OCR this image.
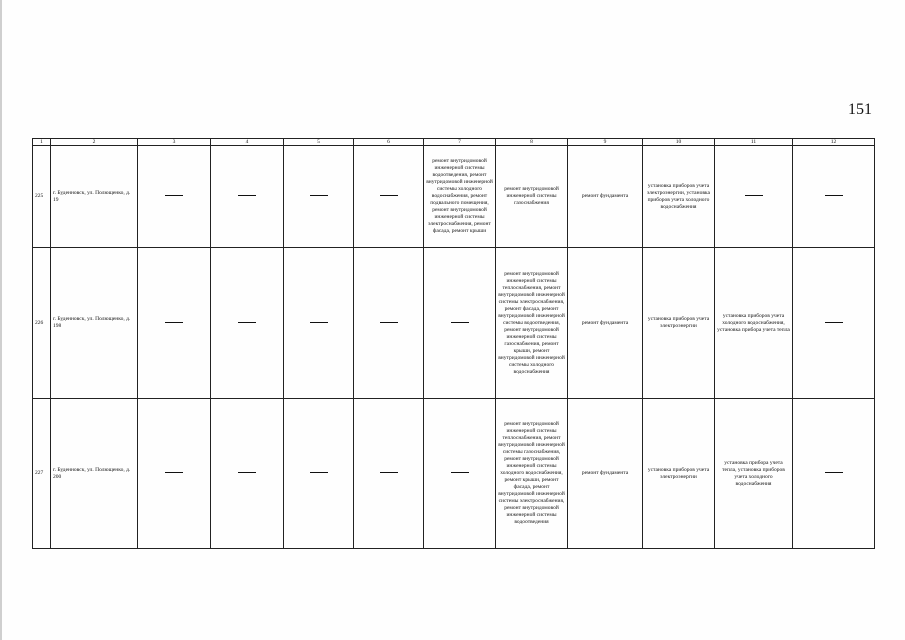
151
1	2	3	4	5	6	7	8	9	10	11	12
225	г. Буденновск, ул. Полющенко, д. 19					ремонт внутридомовой инженерной системы водоотведения, ремонт внутридомовой инженерной системы холодного водоснабжения, ремонт подвального помещения, ремонт внутридомовой инженерной системы электроснабжения, ремонт фасада, ремонт крыши	ремонт внутридомовой инженерной системы газоснабжения	ремонт фундамента	установка приборов учета электроэнергии, установка приборов учета холодного водоснабжения		
226	г. Буденновск, ул. Полющенко, д. 198						ремонт внутридомовой инженерной системы теплоснабжения, ремонт внутридомовой инженерной системы электроснабжения, ремонт фасада, ремонт внутридомовой инженерной системы водоотведения, ремонт внутридомовой инженерной системы газоснабжения, ремонт крыши, ремонт внутридомовой инженерной системы холодного водоснабжения	ремонт фундамента	установка приборов учета электроэнергии	установка приборов учета холодного водоснабжения, установка прибора учета тепла	
227	г. Буденновск, ул. Полющенко, д. 200						ремонт внутридомовой инженерной системы теплоснабжения, ремонт внутридомовой инженерной системы газоснабжения, ремонт внутридомовой инженерной системы холодного водоснабжения, ремонт крыши, ремонт фасада, ремонт внутридомовой инженерной системы электроснабжения, ремонт внутридомовой инженерной системы водоотведения	ремонт фундамента	установка приборов учета электроэнергии	установка прибора учета тепла, установка приборов учета холодного водоснабжения	
